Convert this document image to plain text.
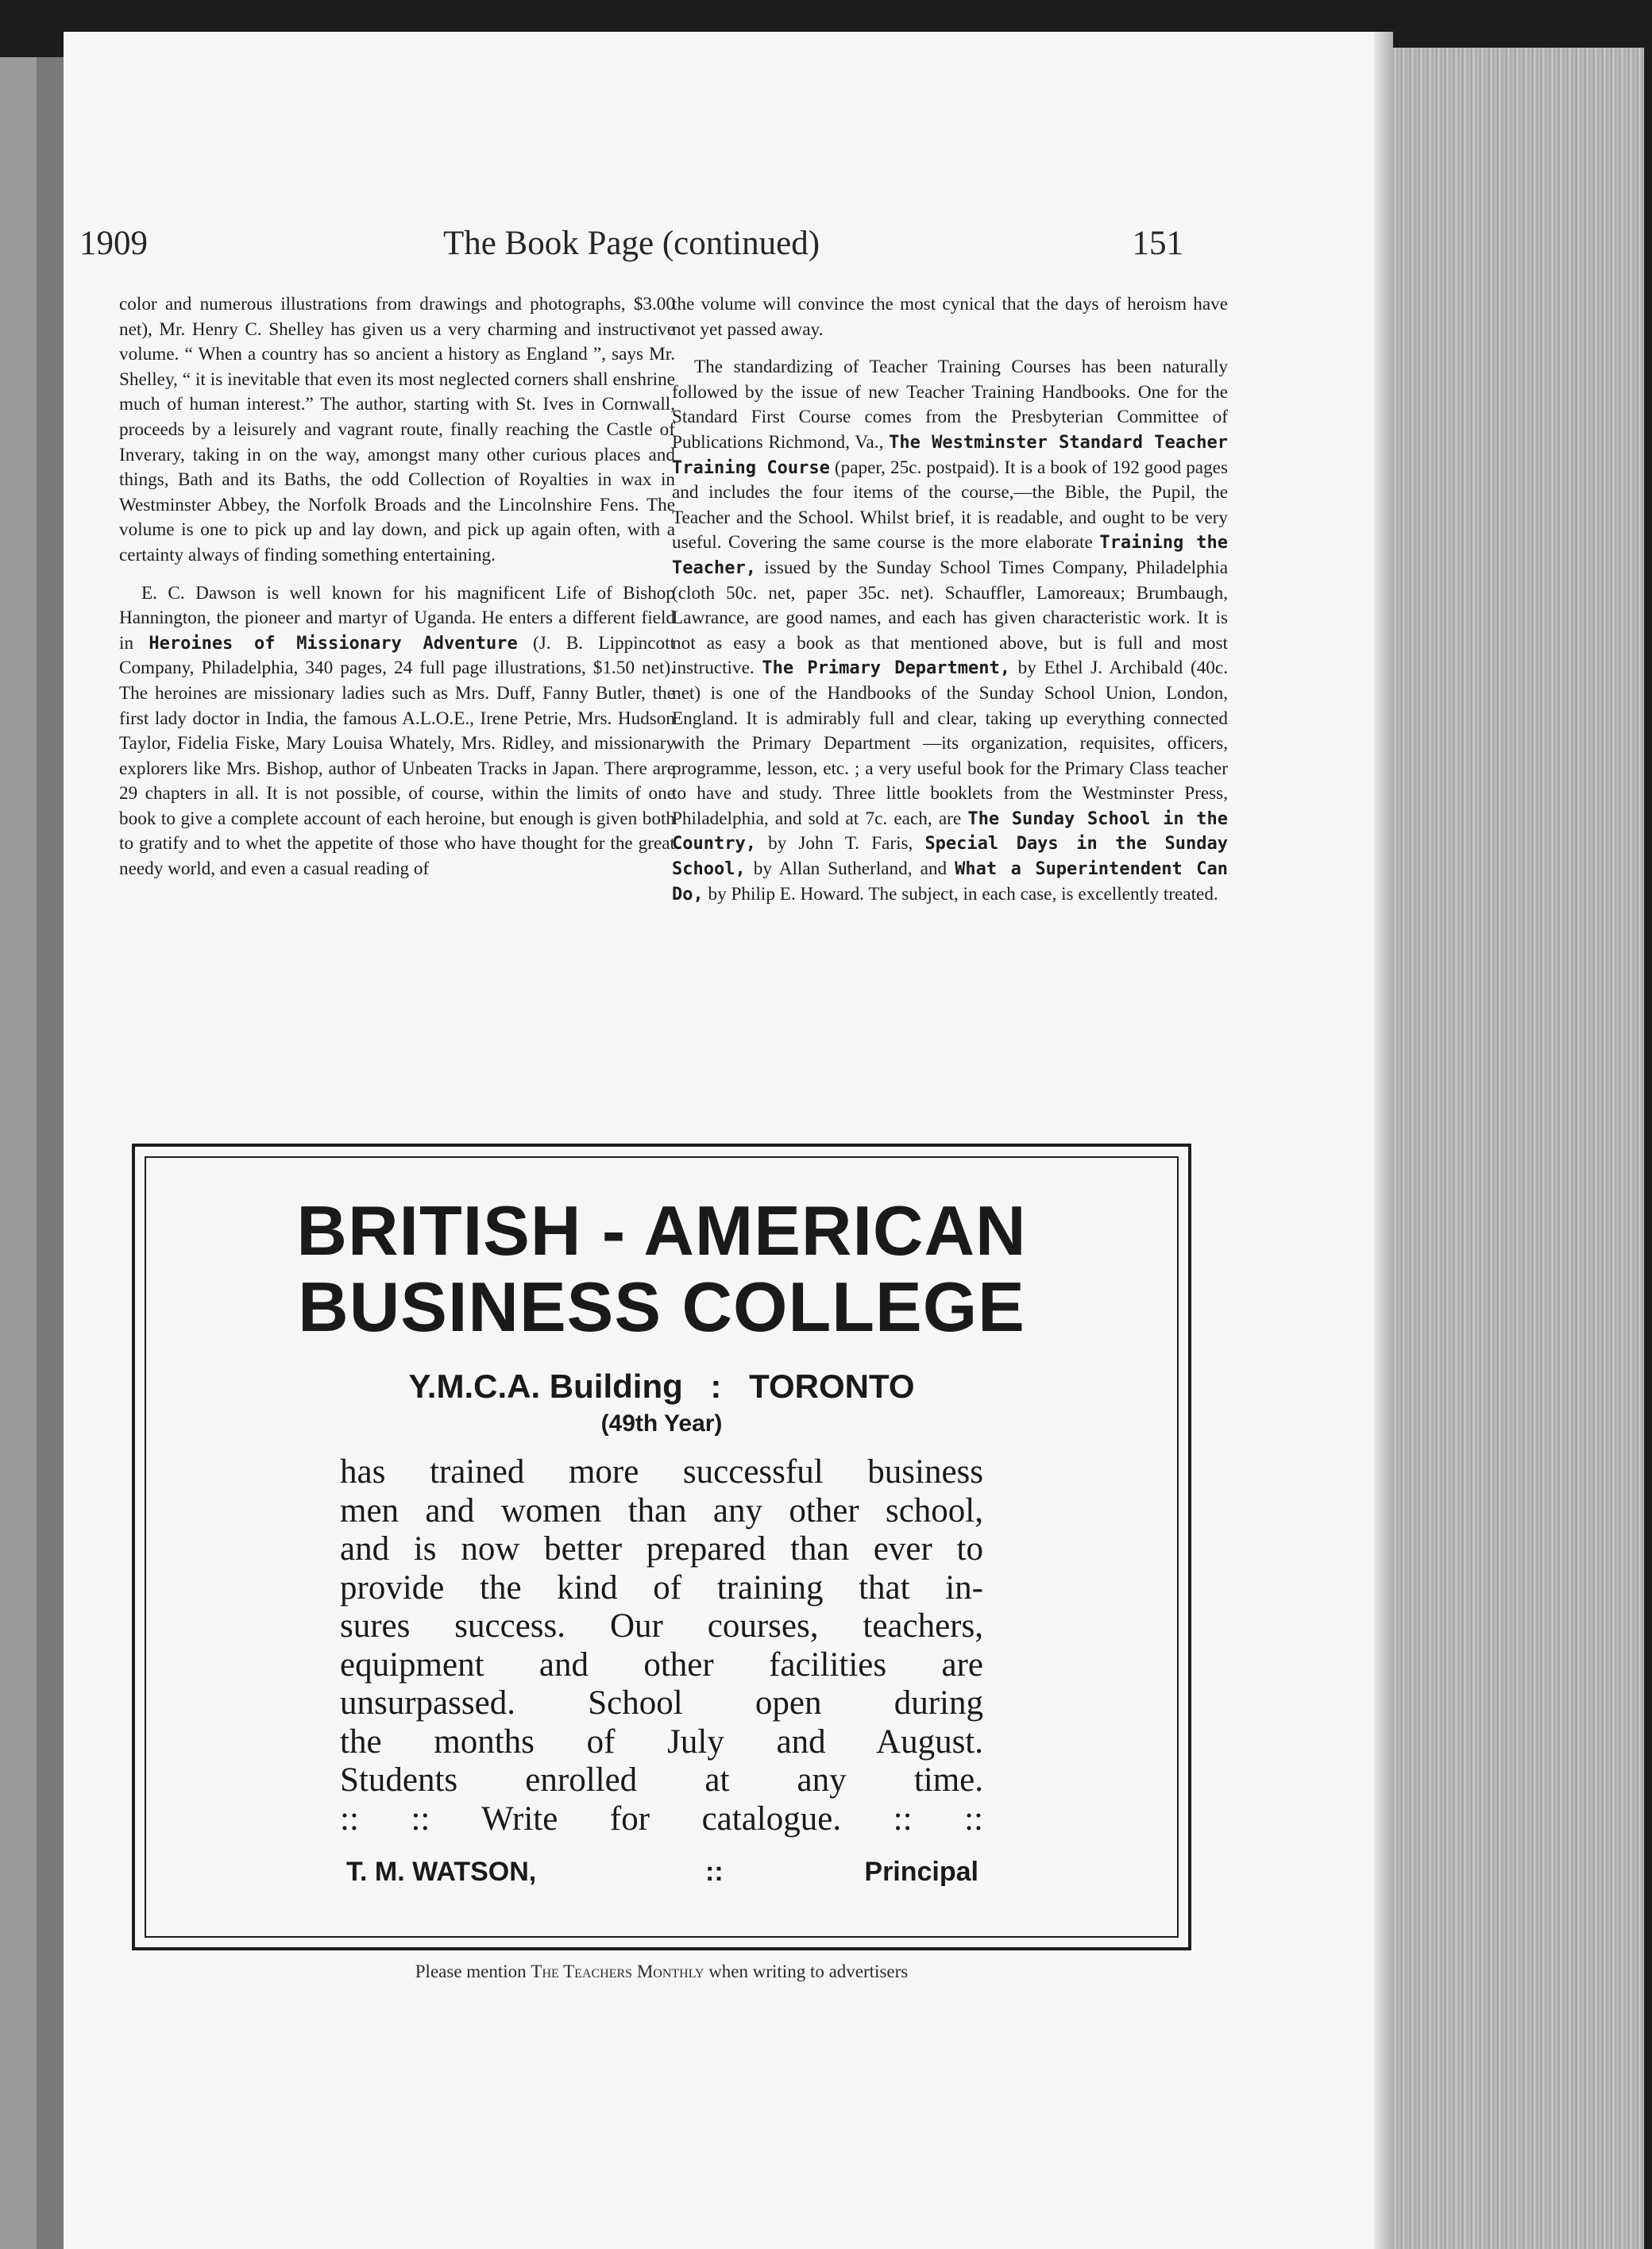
1909	The Book Page (continued)	151

color and numerous illustrations from drawings and photographs, $3.00 net), Mr. Henry C. Shelley has given us a very charming and instructive volume. “ When a country has so ancient a history as England ”, says Mr. Shelley, “ it is inevitable that even its most neglected corners shall enshrine much of human interest.” The author, starting with St. Ives in Cornwall, proceeds by a leisurely and vagrant route, finally reaching the Castle of Inverary, taking in on the way, amongst many other curious places and things, Bath and its Baths, the odd Collection of Royalties in wax in Westminster Abbey, the Norfolk Broads and the Lincolnshire Fens. The volume is one to pick up and lay down, and pick up again often, with a certainty always of finding something entertaining.

E. C. Dawson is well known for his magnificent Life of Bishop Hannington, the pioneer and martyr of Uganda. He enters a different field in Heroines of Missionary Adventure (J. B. Lippincott Company, Philadelphia, 340 pages, 24 full page illustrations, $1.50 net). The heroines are missionary ladies such as Mrs. Duff, Fanny Butler, the first lady doctor in India, the famous A.L.O.E., Irene Petrie, Mrs. Hudson Taylor, Fidelia Fiske, Mary Louisa Whately, Mrs. Ridley, and missionary explorers like Mrs. Bishop, author of Unbeaten Tracks in Japan. There are 29 chapters in all. It is not possible, of course, within the limits of one book to give a complete account of each heroine, but enough is given both to gratify and to whet the appetite of those who have thought for the great needy world, and even a casual reading of

the volume will convince the most cynical that the days of heroism have not yet passed away.

The standardizing of Teacher Training Courses has been naturally followed by the issue of new Teacher Training Handbooks. One for the Standard First Course comes from the Presbyterian Committee of Publications Richmond, Va., The Westminster Standard Teacher Training Course (paper, 25c. postpaid). It is a book of 192 good pages and includes the four items of the course,—the Bible, the Pupil, the Teacher and the School. Whilst brief, it is readable, and ought to be very useful. Covering the same course is the more elaborate Training the Teacher, issued by the Sunday School Times Company, Philadelphia (cloth 50c. net, paper 35c. net). Schauffler, Lamoreaux; Brumbaugh, Lawrance, are good names, and each has given characteristic work. It is not as easy a book as that mentioned above, but is full and most instructive. The Primary Department, by Ethel J. Archibald (40c. net) is one of the Handbooks of the Sunday School Union, London, England. It is admirably full and clear, taking up everything connected with the Primary Department —its organization, requisites, officers, programme, lesson, etc. ; a very useful book for the Primary Class teacher to have and study. Three little booklets from the Westminster Press, Philadelphia, and sold at 7c. each, are The Sunday School in the Country, by John T. Faris, Special Days in the Sunday School, by Allan Sutherland, and What a Superintendent Can Do, by Philip E. Howard. The subject, in each case, is excellently treated.

BRITISH - AMERICAN
BUSINESS COLLEGE
Y.M.C.A. Building : TORONTO
(49th Year)
has trained more successful business
men and women than any other school,
and is now better prepared than ever to
provide the kind of training that in-
sures success. Our courses, teachers,
equipment and other facilities are
unsurpassed. School open during
the months of July and August.
Students enrolled at any time.
:: :: Write for catalogue. :: ::
T. M. WATSON,	::	Principal
Please mention The Teachers Monthly when writing to advertisers
